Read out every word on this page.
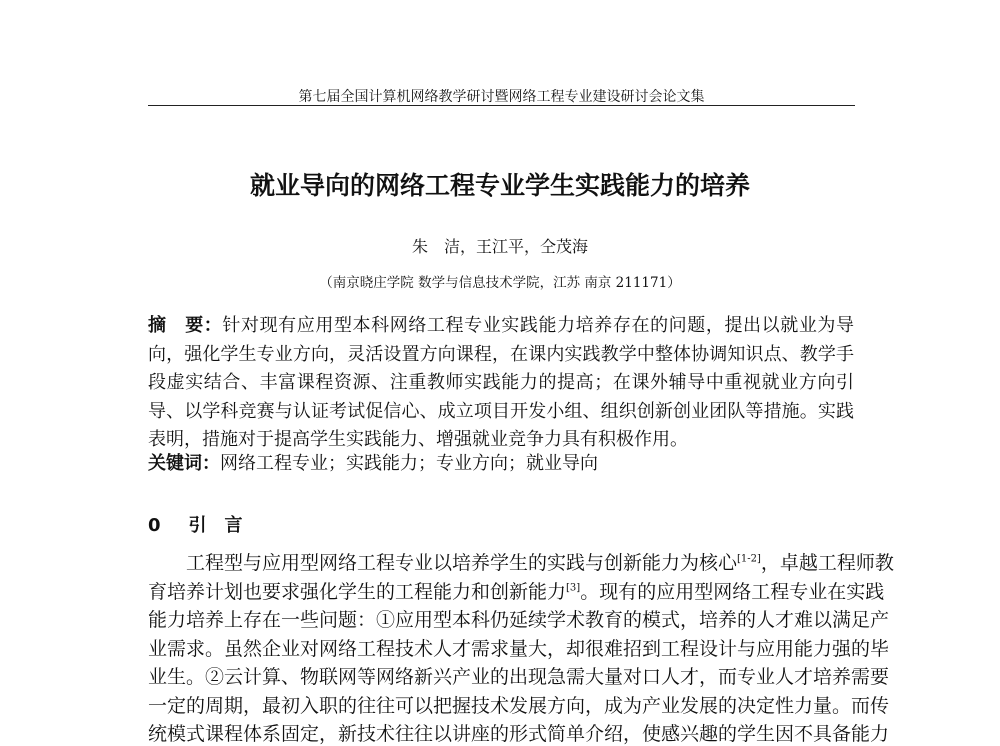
第七届全国计算机网络教学研讨暨网络工程专业建设研讨会论文集
就业导向的网络工程专业学生实践能力的培养
朱　洁，王江平，仝茂海
（南京晓庄学院 数学与信息技术学院，江苏 南京 211171）
摘　要：针对现有应用型本科网络工程专业实践能力培养存在的问题，提出以就业为导
向，强化学生专业方向，灵活设置方向课程，在课内实践教学中整体协调知识点、教学手
段虚实结合、丰富课程资源、注重教师实践能力的提高；在课外辅导中重视就业方向引
导、以学科竞赛与认证考试促信心、成立项目开发小组、组织创新创业团队等措施。实践
表明，措施对于提高学生实践能力、增强就业竞争力具有积极作用。
关键词：网络工程专业；实践能力；专业方向；就业导向
0 引　言
　　工程型与应用型网络工程专业以培养学生的实践与创新能力为核心[1-2]，卓越工程师教
育培养计划也要求强化学生的工程能力和创新能力[3]。现有的应用型网络工程专业在实践
能力培养上存在一些问题：①应用型本科仍延续学术教育的模式，培养的人才难以满足产
业需求。虽然企业对网络工程技术人才需求量大，却很难招到工程设计与应用能力强的毕
业生。②云计算、物联网等网络新兴产业的出现急需大量对口人才，而专业人才培养需要
一定的周期，最初入职的往往可以把握技术发展方向，成为产业发展的决定性力量。而传
统模式课程体系固定，新技术往往以讲座的形式简单介绍，使感兴趣的学生因不具备能力
